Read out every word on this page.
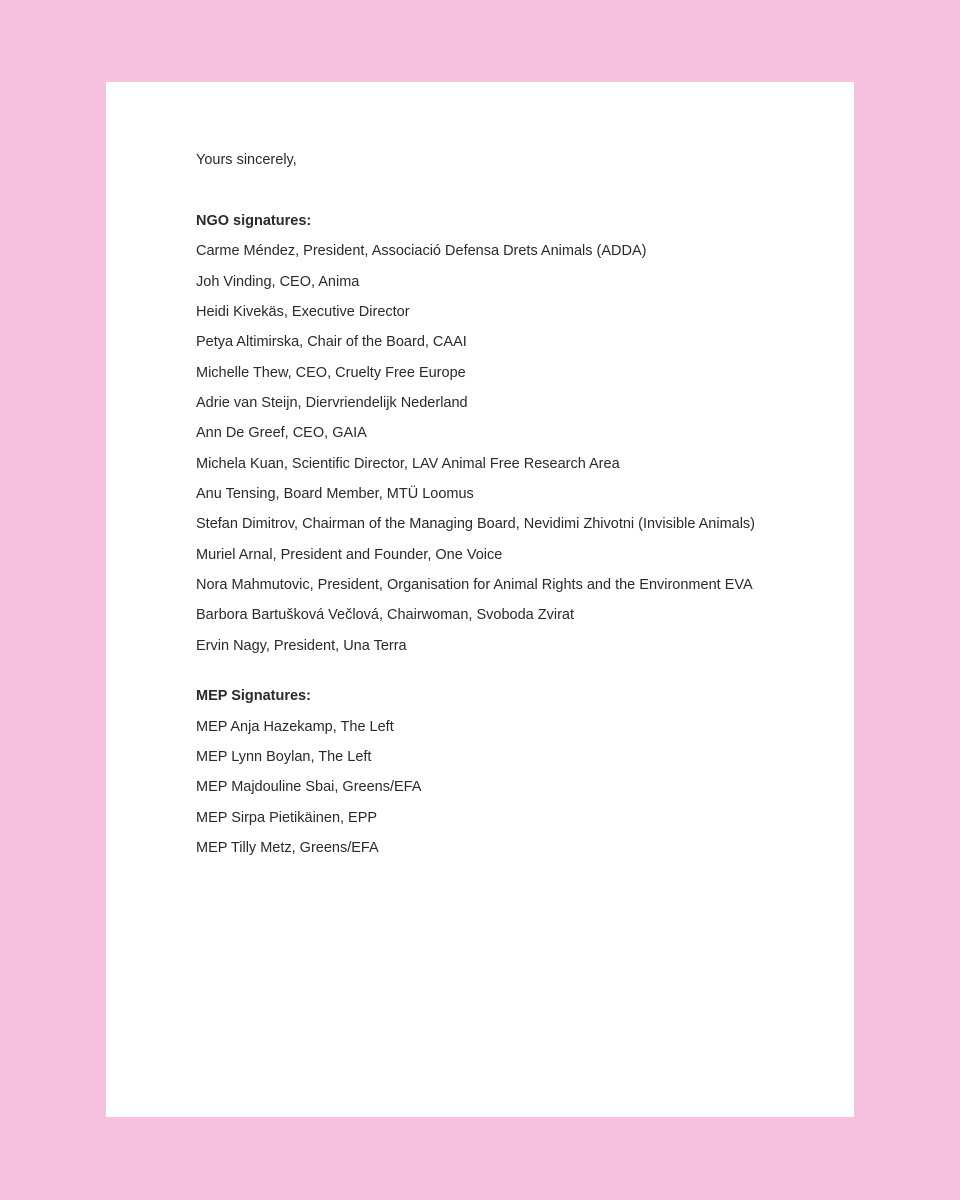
Yours sincerely,
NGO signatures:
Carme Méndez, President, Associació Defensa Drets Animals (ADDA)
Joh Vinding, CEO, Anima
Heidi Kivekäs, Executive Director
Petya Altimirska, Chair of the Board, CAAI
Michelle Thew, CEO, Cruelty Free Europe
Adrie van Steijn, Diervriendelijk Nederland
Ann De Greef, CEO, GAIA
Michela Kuan, Scientific Director, LAV Animal Free Research Area
Anu Tensing, Board Member, MTÜ Loomus
Stefan Dimitrov, Chairman of the Managing Board, Nevidimi Zhivotni (Invisible Animals)
Muriel Arnal, President and Founder, One Voice
Nora Mahmutovic, President, Organisation for Animal Rights and the Environment EVA
Barbora Bartušková Večlová, Chairwoman, Svoboda Zvirat
Ervin Nagy, President, Una Terra
MEP Signatures:
MEP Anja Hazekamp, The Left
MEP Lynn Boylan, The Left
MEP Majdouline Sbai, Greens/EFA
MEP Sirpa Pietikäinen, EPP
MEP Tilly Metz, Greens/EFA
